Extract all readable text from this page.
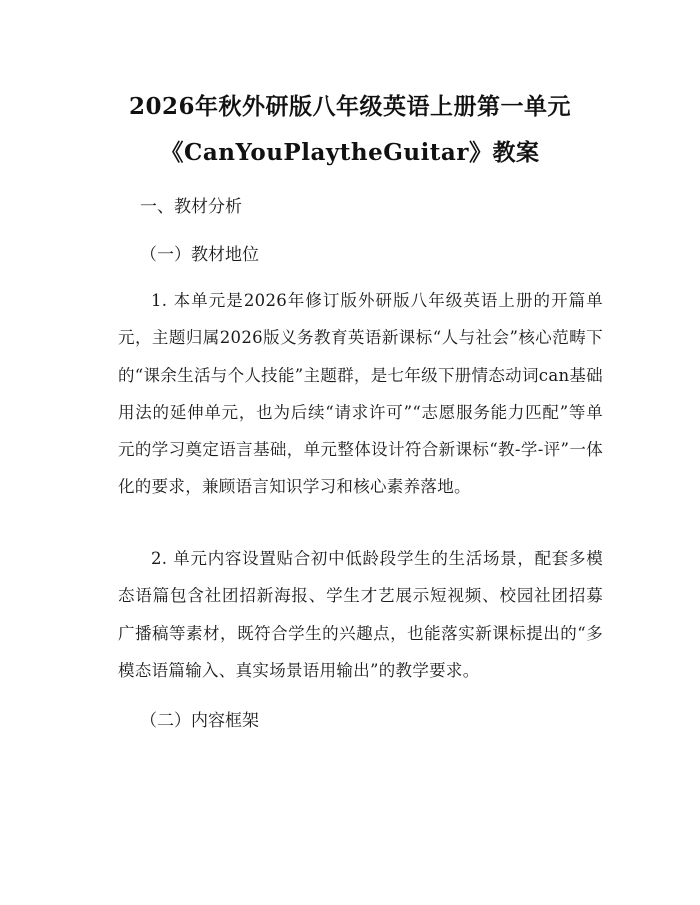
2026年秋外研版八年级英语上册第一单元
《CanYouPlaytheGuitar》教案
一、教材分析
（一）教材地位
1. 本单元是2026年修订版外研版八年级英语上册的开篇单元，主题归属2026版义务教育英语新课标“人与社会”核心范畴下的“课余生活与个人技能”主题群，是七年级下册情态动词can基础用法的延伸单元，也为后续“请求许可”“志愿服务能力匹配”等单元的学习奠定语言基础，单元整体设计符合新课标“教-学-评”一体化的要求，兼顾语言知识学习和核心素养落地。
2. 单元内容设置贴合初中低龄段学生的生活场景，配套多模态语篇包含社团招新海报、学生才艺展示短视频、校园社团招募广播稿等素材，既符合学生的兴趣点，也能落实新课标提出的“多模态语篇输入、真实场景语用输出”的教学要求。
（二）内容框架
